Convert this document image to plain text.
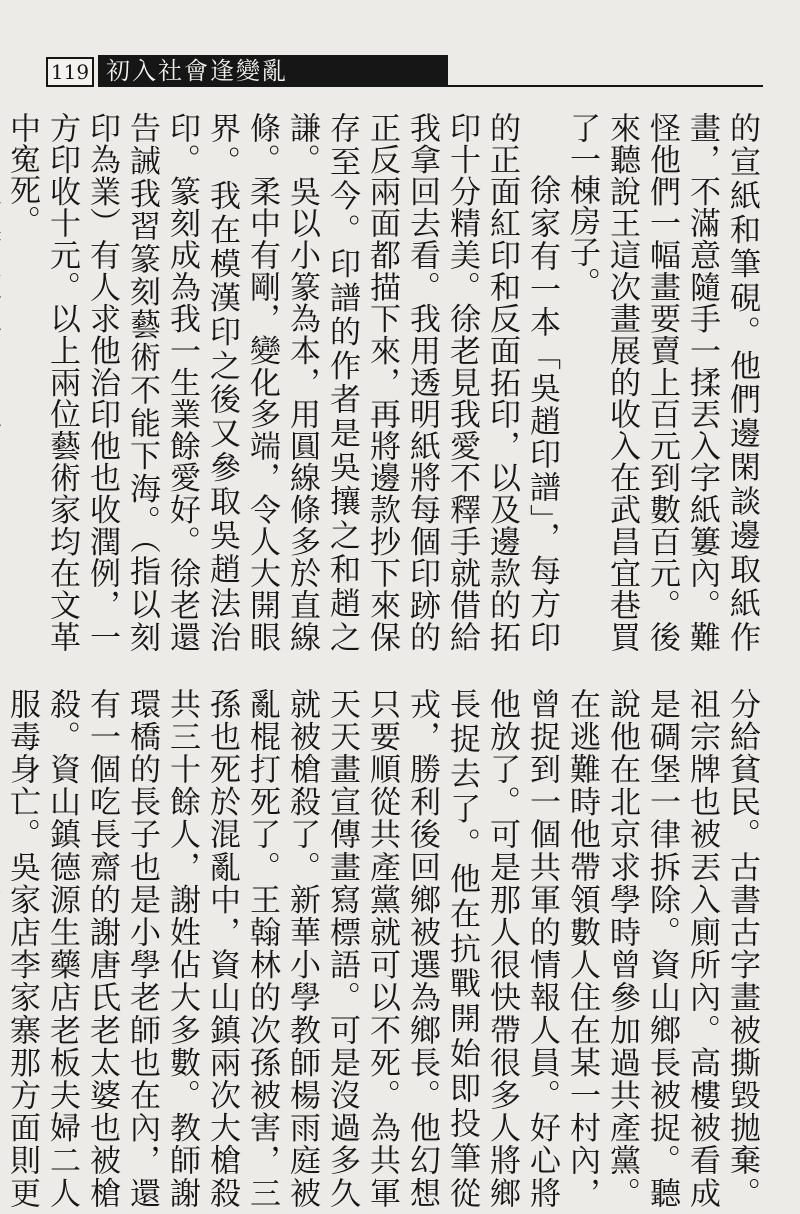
119 初入社會逢變亂

的宣紙和筆硯。他們邊閑談邊取紙作畫，不滿意隨手一揉丟入字紙簍內。難怪他們一幅畫要賣上百元到數百元。後來聽說王這次畫展的收入在武昌宜巷買了一棟房子。

徐家有一本「吳趙印譜」，每方印的正面紅印和反面拓印，以及邊款的拓印十分精美。徐老見我愛不釋手就借給我拿回去看。我用透明紙將每個印跡的正反兩面都描下來，再將邊款抄下來保存至今。印譜的作者是吳攘之和趙之謙。吳以小篆為本，用圓線條多於直線條。柔中有剛，變化多端，令人大開眼界。我在模漢印之後又參取吳趙法治印。篆刻成為我一生業餘愛好。徐老還告誡我習篆刻藝術不能下海。（指以刻印為業）有人求他治印他也收潤例，一方印收十元。以上兩位藝術家均在文革中寃死。

分給貧民。古書古字畫被撕毀拋棄。祖宗牌也被丟入廁所內。高樓被看成是碉堡一律拆除。資山鄉長被捉。聽說他在北京求學時曾參加過共產黨。在逃難時他帶領數人住在某一村內，曾捉到一個共軍的情報人員。好心將他放了。可是那人很快帶很多人將鄉長捉去了。他在抗戰開始即投筆從戎，勝利後回鄉被選為鄉長。他幻想只要順從共產黨就可以不死。為共軍天天畫宣傳畫寫標語。可是沒過多久就被槍殺了。新華小學教師楊雨庭被亂棍打死了。王翰林的次孫被害，三孫也死於混亂中，資山鎮兩次大槍殺共三十餘人，謝姓佔大多數。教師謝環橋的長子也是小學老師也在內，還有一個吃長齋的謝唐氏老太婆也被槍殺。資山鎮德源生藥店老板夫婦二人服毒身亡。吳家店李家寨那方面則更
